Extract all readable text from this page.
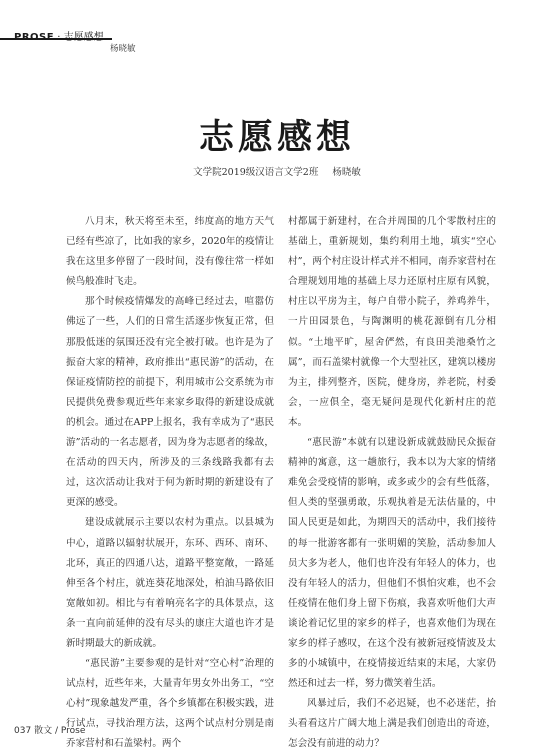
PROSE · 志愿感想
杨晓敏
志愿感想
文学院2019级汉语言文学2班 杨晓敏

八月末，秋天将至未至，纬度高的地方天气已经有些凉了，比如我的家乡，2020年的疫情让我在这里多停留了一段时间，没有像往常一样如候鸟般准时飞走。

那个时候疫情爆发的高峰已经过去，喧嚣仿佛远了一些，人们的日常生活逐步恢复正常，但那股低迷的氛围还没有完全被打破。也许是为了振奋大家的精神，政府推出“惠民游”的活动，在保证疫情防控的前提下，利用城市公交系统为市民提供免费参观近些年来家乡取得的新建设成就的机会。通过在APP上报名，我有幸成为了“惠民游”活动的一名志愿者，因为身为志愿者的缘故，在活动的四天内，所涉及的三条线路我都有去过，这次活动让我对于何为新时期的新建设有了更深的感受。

建设成就展示主要以农村为重点。以县城为中心，道路以辐射状展开，东环、西环、南环、北环，真正的四通八达，道路平整宽敞，一路延伸至各个村庄，就连葵花地深处，柏油马路依旧宽敞如初。相比与有着响亮名字的具体景点，这条一直向前延伸的没有尽头的康庄大道也许才是新时期最大的新成就。

“惠民游”主要参观的是针对“空心村”治理的试点村，近些年来，大量青年男女外出务工，“空心村”现象越发严重，各个乡镇都在积极实践，进行试点，寻找治理方法，这两个试点村分别是南乔家营村和石盖梁村。两个

村都属于新建村，在合并周围的几个零散村庄的基础上，重新规划，集约利用土地，填实“空心村”，两个村庄设计样式并不相同，南乔家营村在合理规划用地的基础上尽力还原村庄原有风貌，村庄以平房为主，每户自带小院子，养鸡养牛，一片田园景色，与陶渊明的桃花源倒有几分相似。“土地平旷，屋舍俨然，有良田美池桑竹之属”，而石盖梁村就像一个大型社区，建筑以楼房为主，排列整齐，医院，健身房，养老院，村委会，一应俱全，毫无疑问是现代化新村庄的范本。

“惠民游”本就有以建设新成就鼓励民众振奋精神的寓意，这一趟旅行，我本以为大家的情绪难免会受疫情的影响，或多或少的会有些低落，但人类的坚强勇敢，乐观执着是无法估量的，中国人民更是如此，为期四天的活动中，我们接待的每一批游客都有一张明媚的笑脸，活动参加人员大多为老人，他们也许没有年轻人的体力，也没有年轻人的活力，但他们不惧怕灾难，也不会任疫情在他们身上留下伤痕，我喜欢听他们大声谈论着记忆里的家乡的样子，也喜欢他们为现在家乡的样子感叹，在这个没有被新冠疫情波及太多的小城镇中，在疫情接近结束的末尾，大家仍然还和过去一样，努力微笑着生活。

风暴过后，我们不必迟疑，也不必迷茫，抬头看看这片广阔大地上满是我们创造出的奇迹，怎会没有前进的动力？

037 散文 / Prose
